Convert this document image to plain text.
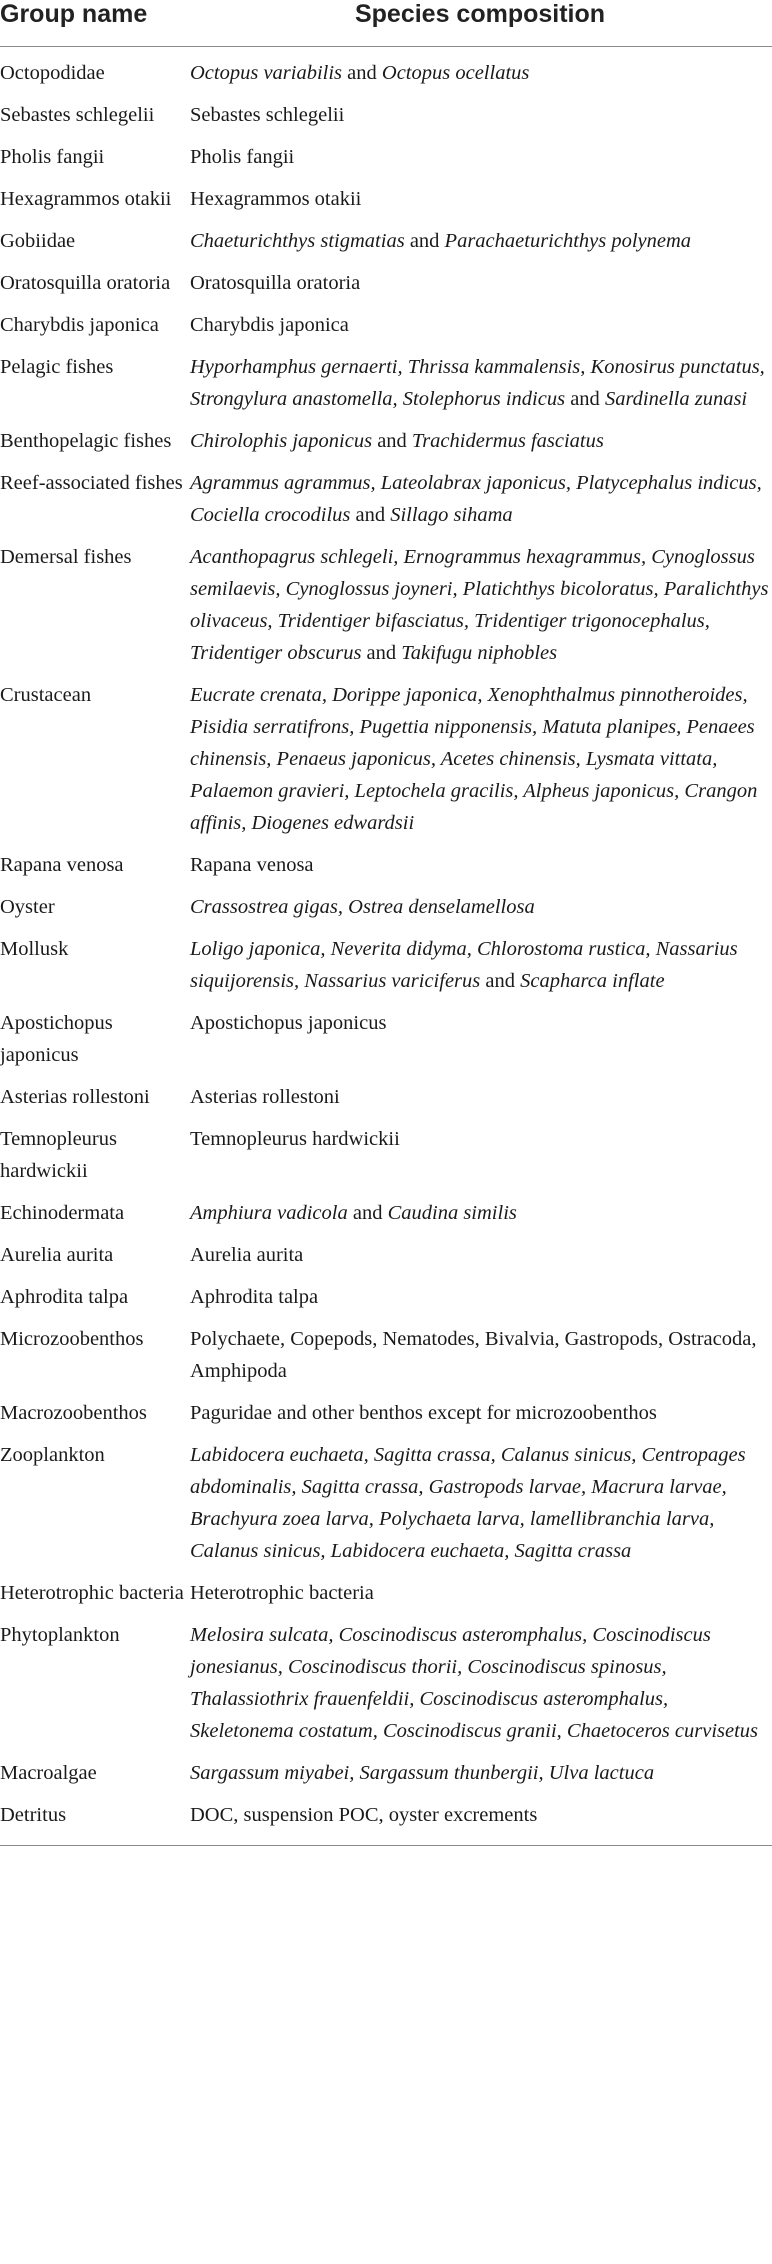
Group name	Species composition
Octopodidae	Octopus variabilis and Octopus ocellatus
Sebastes schlegelii	Sebastes schlegelii
Pholis fangii	Pholis fangii
Hexagrammos otakii	Hexagrammos otakii
Gobiidae	Chaeturichthys stigmatias and Parachaeturichthys polynema
Oratosquilla oratoria	Oratosquilla oratoria
Charybdis japonica	Charybdis japonica
Pelagic fishes	Hyporhamphus gernaerti, Thrissa kammalensis, Konosirus punctatus, Strongylura anastomella, Stolephorus indicus and Sardinella zunasi
Benthopelagic fishes	Chirolophis japonicus and Trachidermus fasciatus
Reef-associated fishes	Agrammus agrammus, Lateolabrax japonicus, Platycephalus indicus, Cociella crocodilus and Sillago sihama
Demersal fishes	Acanthopagrus schlegeli, Ernogrammus hexagrammus, Cynoglossus semilaevis, Cynoglossus joyneri, Platichthys bicoloratus, Paralichthys olivaceus, Tridentiger bifasciatus, Tridentiger trigonocephalus, Tridentiger obscurus and Takifugu niphobles
Crustacean	Eucrate crenata, Dorippe japonica, Xenophthalmus pinnotheroides, Pisidia serratifrons, Pugettia nipponensis, Matuta planipes, Penaees chinensis, Penaeus japonicus, Acetes chinensis, Lysmata vittata, Palaemon gravieri, Leptochela gracilis, Alpheus japonicus, Crangon affinis, Diogenes edwardsii
Rapana venosa	Rapana venosa
Oyster	Crassostrea gigas, Ostrea denselamellosa
Mollusk	Loligo japonica, Neverita didyma, Chlorostoma rustica, Nassarius siquijorensis, Nassarius variciferus and Scapharca inflate
Apostichopus japonicus	Apostichopus japonicus
Asterias rollestoni	Asterias rollestoni
Temnopleurus hardwickii	Temnopleurus hardwickii
Echinodermata	Amphiura vadicola and Caudina similis
Aurelia aurita	Aurelia aurita
Aphrodita talpa	Aphrodita talpa
Microzoobenthos	Polychaete, Copepods, Nematodes, Bivalvia, Gastropods, Ostracoda, Amphipoda
Macrozoobenthos	Paguridae and other benthos except for microzoobenthos
Zooplankton	Labidocera euchaeta, Sagitta crassa, Calanus sinicus, Centropages abdominalis, Sagitta crassa, Gastropods larvae, Macrura larvae, Brachyura zoea larva, Polychaeta larva, lamellibranchia larva, Calanus sinicus, Labidocera euchaeta, Sagitta crassa
Heterotrophic bacteria	Heterotrophic bacteria
Phytoplankton	Melosira sulcata, Coscinodiscus asteromphalus, Coscinodiscus jonesianus, Coscinodiscus thorii, Coscinodiscus spinosus, Thalassiothrix frauenfeldii, Coscinodiscus asteromphalus, Skeletonema costatum, Coscinodiscus granii, Chaetoceros curvisetus
Macroalgae	Sargassum miyabei, Sargassum thunbergii, Ulva lactuca
Detritus	DOC, suspension POC, oyster excrements
